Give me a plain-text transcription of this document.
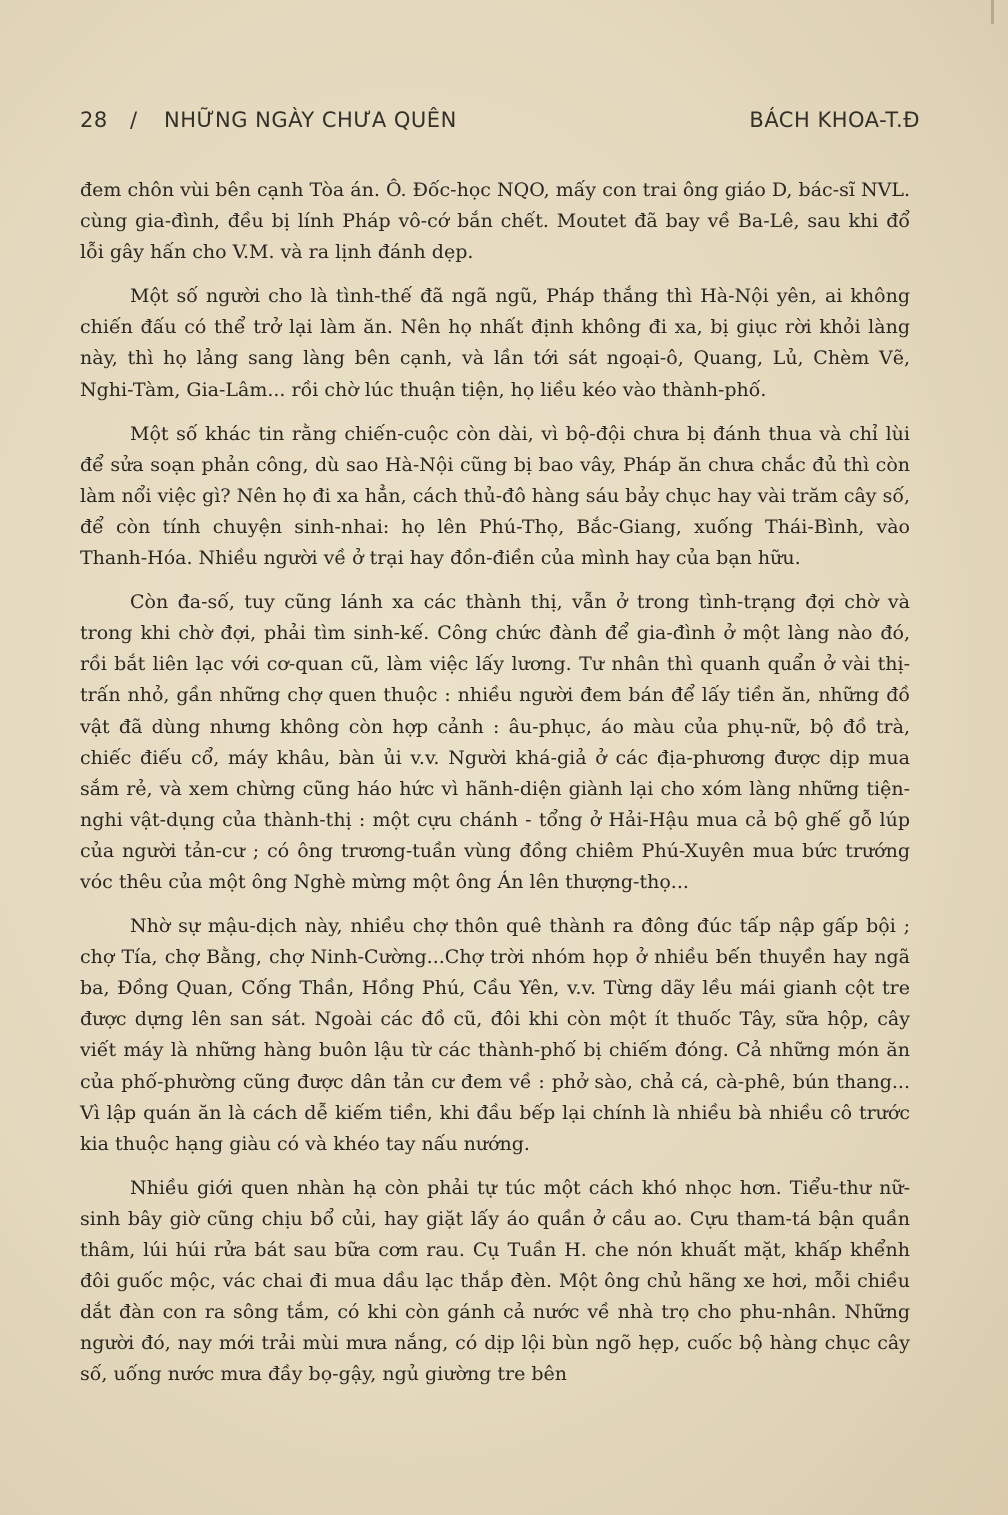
28 / NHỮNG NGÀY CHƯA QUÊN	BÁCH KHOA-T.Đ

đem chôn vùi bên cạnh Tòa án. Ô. Đốc-học NQO, mấy con trai ông giáo D, bác-sĩ NVL. cùng gia-đình, đều bị lính Pháp vô-cớ bắn chết. Moutet đã bay về Ba-Lê, sau khi đổ lỗi gây hấn cho V.M. và ra lịnh đánh dẹp.

Một số người cho là tình-thế đã ngã ngũ, Pháp thắng thì Hà-Nội yên, ai không chiến đấu có thể trở lại làm ăn. Nên họ nhất định không đi xa, bị giục rời khỏi làng này, thì họ lảng sang làng bên cạnh, và lần tới sát ngoại-ô, Quang, Lủ, Chèm Vẽ, Nghi-Tàm, Gia-Lâm... rồi chờ lúc thuận tiện, họ liều kéo vào thành-phố.

Một số khác tin rằng chiến-cuộc còn dài, vì bộ-đội chưa bị đánh thua và chỉ lùi để sửa soạn phản công, dù sao Hà-Nội cũng bị bao vây, Pháp ăn chưa chắc đủ thì còn làm nổi việc gì? Nên họ đi xa hẳn, cách thủ-đô hàng sáu bảy chục hay vài trăm cây số, để còn tính chuyện sinh-nhai: họ lên Phú-Thọ, Bắc-Giang, xuống Thái-Bình, vào Thanh-Hóa. Nhiều người về ở trại hay đồn-điền của mình hay của bạn hữu.

Còn đa-số, tuy cũng lánh xa các thành thị, vẫn ở trong tình-trạng đợi chờ và trong khi chờ đợi, phải tìm sinh-kế. Công chức đành để gia-đình ở một làng nào đó, rồi bắt liên lạc với cơ-quan cũ, làm việc lấy lương. Tư nhân thì quanh quẩn ở vài thị-trấn nhỏ, gần những chợ quen thuộc : nhiều người đem bán để lấy tiền ăn, những đồ vật đã dùng nhưng không còn hợp cảnh : âu-phục, áo màu của phụ-nữ, bộ đồ trà, chiếc điếu cổ, máy khâu, bàn ủi v.v. Người khá-giả ở các địa-phương được dịp mua sắm rẻ, và xem chừng cũng háo hức vì hãnh-diện giành lại cho xóm làng những tiện-nghi vật-dụng của thành-thị : một cựu chánh - tổng ở Hải-Hậu mua cả bộ ghế gỗ lúp của người tản-cư ; có ông trương-tuần vùng đồng chiêm Phú-Xuyên mua bức trướng vóc thêu của một ông Nghè mừng một ông Án lên thượng-thọ...

Nhờ sự mậu-dịch này, nhiều chợ thôn quê thành ra đông đúc tấp nập gấp bội ; chợ Tía, chợ Bằng, chợ Ninh-Cường...Chợ trời nhóm họp ở nhiều bến thuyền hay ngã ba, Đồng Quan, Cống Thần, Hồng Phú, Cầu Yên, v.v. Từng dãy lều mái gianh cột tre được dựng lên san sát. Ngoài các đồ cũ, đôi khi còn một ít thuốc Tây, sữa hộp, cây viết máy là những hàng buôn lậu từ các thành-phố bị chiếm đóng. Cả những món ăn của phố-phường cũng được dân tản cư đem về : phở sào, chả cá, cà-phê, bún thang... Vì lập quán ăn là cách dễ kiếm tiền, khi đầu bếp lại chính là nhiều bà nhiều cô trước kia thuộc hạng giàu có và khéo tay nấu nướng.

Nhiều giới quen nhàn hạ còn phải tự túc một cách khó nhọc hơn. Tiểu-thư nữ-sinh bây giờ cũng chịu bổ củi, hay giặt lấy áo quần ở cầu ao. Cựu tham-tá bận quần thâm, lúi húi rửa bát sau bữa cơm rau. Cụ Tuần H. che nón khuất mặt, khấp khểnh đôi guốc mộc, vác chai đi mua dầu lạc thắp đèn. Một ông chủ hãng xe hơi, mỗi chiều dắt đàn con ra sông tắm, có khi còn gánh cả nước về nhà trọ cho phu-nhân. Những người đó, nay mới trải mùi mưa nắng, có dịp lội bùn ngõ hẹp, cuốc bộ hàng chục cây số, uống nước mưa đầy bọ-gậy, ngủ giường tre bên
